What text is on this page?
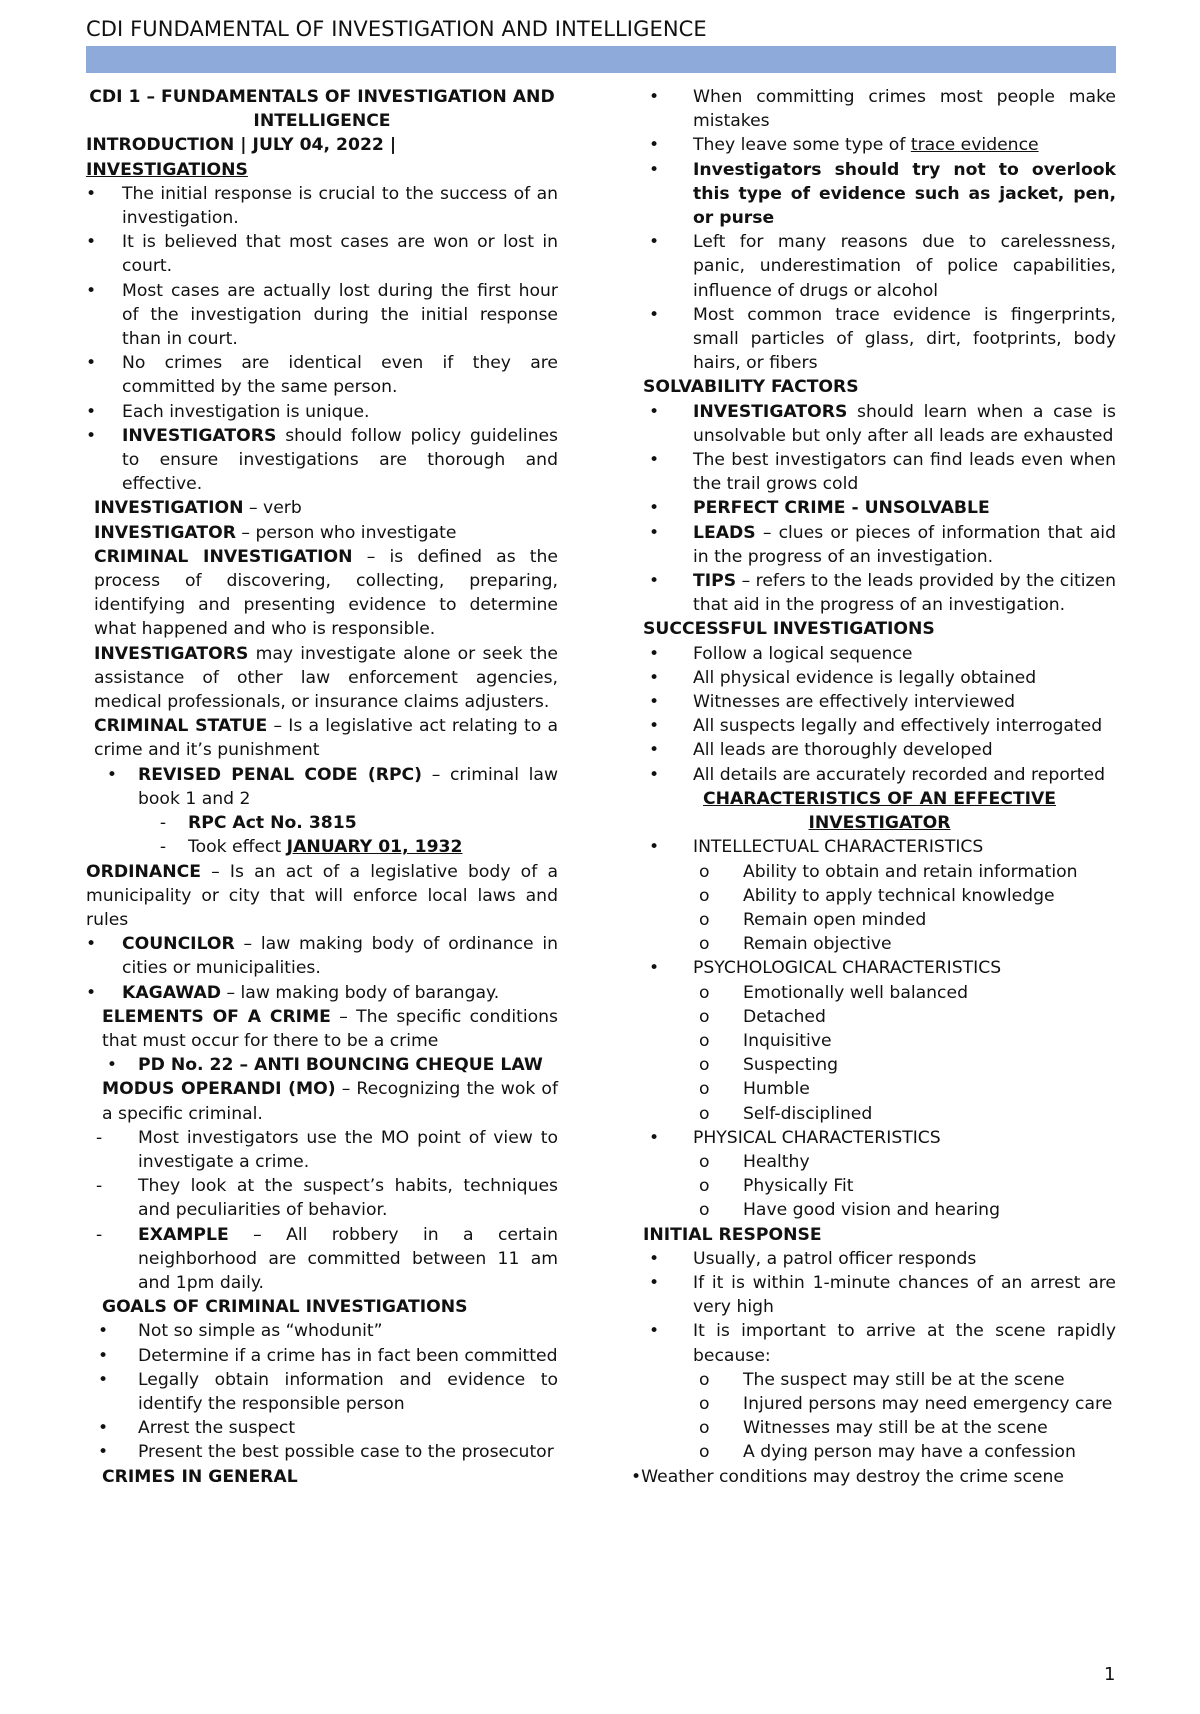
CDI FUNDAMENTAL OF INVESTIGATION AND INTELLIGENCE

CDI 1 – FUNDAMENTALS OF INVESTIGATION AND INTELLIGENCE

INTRODUCTION | JULY 04, 2022 |

INVESTIGATIONS

• The initial response is crucial to the success of an investigation.
• It is believed that most cases are won or lost in court.
• Most cases are actually lost during the first hour of the investigation during the initial response than in court.
• No crimes are identical even if they are committed by the same person.
• Each investigation is unique.
• INVESTIGATORS should follow policy guidelines to ensure investigations are thorough and effective.

INVESTIGATION – verb

INVESTIGATOR – person who investigate

CRIMINAL INVESTIGATION – is defined as the process of discovering, collecting, preparing, identifying and presenting evidence to determine what happened and who is responsible.

INVESTIGATORS may investigate alone or seek the assistance of other law enforcement agencies, medical professionals, or insurance claims adjusters.

CRIMINAL STATUE – Is a legislative act relating to a crime and it’s punishment

•	REVISED PENAL CODE (RPC) – criminal law book 1 and 2
-	RPC Act No. 3815
-	Took effect JANUARY 01, 1932

ORDINANCE – Is an act of a legislative body of a municipality or city that will enforce local laws and rules

• COUNCILOR – law making body of ordinance in cities or municipalities.
• KAGAWAD – law making body of barangay.

ELEMENTS OF A CRIME – The specific conditions that must occur for there to be a crime

•	PD No. 22 – ANTI BOUNCING CHEQUE LAW

MODUS OPERANDI (MO) – Recognizing the wok of a specific criminal.

-	Most investigators use the MO point of view to investigate a crime.
-	They look at the suspect’s habits, techniques and peculiarities of behavior.
-	EXAMPLE – All robbery in a certain neighborhood are committed between 11 am and 1pm daily.

GOALS OF CRIMINAL INVESTIGATIONS

•	Not so simple as “whodunit”
•	Determine if a crime has in fact been committed
•	Legally obtain information and evidence to identify the responsible person
•	Arrest the suspect
•	Present the best possible case to the prosecutor

CRIMES IN GENERAL

•	When committing crimes most people make mistakes
•	They leave some type of trace evidence
•	Investigators should try not to overlook this type of evidence such as jacket, pen, or purse
•	Left for many reasons due to carelessness, panic, underestimation of police capabilities, influence of drugs or alcohol
•	Most common trace evidence is fingerprints, small particles of glass, dirt, footprints, body hairs, or fibers

SOLVABILITY FACTORS

•	INVESTIGATORS should learn when a case is unsolvable but only after all leads are exhausted
•	The best investigators can find leads even when the trail grows cold
•	PERFECT CRIME - UNSOLVABLE
•	LEADS – clues or pieces of information that aid in the progress of an investigation.
•	TIPS – refers to the leads provided by the citizen that aid in the progress of an investigation.

SUCCESSFUL INVESTIGATIONS

•	Follow a logical sequence
•	All physical evidence is legally obtained
•	Witnesses are effectively interviewed
•	All suspects legally and effectively interrogated
•	All leads are thoroughly developed
•	All details are accurately recorded and reported

CHARACTERISTICS OF AN EFFECTIVE INVESTIGATOR

•	INTELLECTUAL CHARACTERISTICS
o	Ability to obtain and retain information
o	Ability to apply technical knowledge
o	Remain open minded
o	Remain objective
•	PSYCHOLOGICAL CHARACTERISTICS
o	Emotionally well balanced
o	Detached
o	Inquisitive
o	Suspecting
o	Humble
o	Self-disciplined
•	PHYSICAL CHARACTERISTICS
o	Healthy
o	Physically Fit
o	Have good vision and hearing

INITIAL RESPONSE

•	Usually, a patrol officer responds
•	If it is within 1-minute chances of an arrest are very high
•	It is important to arrive at the scene rapidly because:
o	The suspect may still be at the scene
o	Injured persons may need emergency care
o	Witnesses may still be at the scene
o	A dying person may have a confession
•Weather conditions may destroy the crime scene
1
